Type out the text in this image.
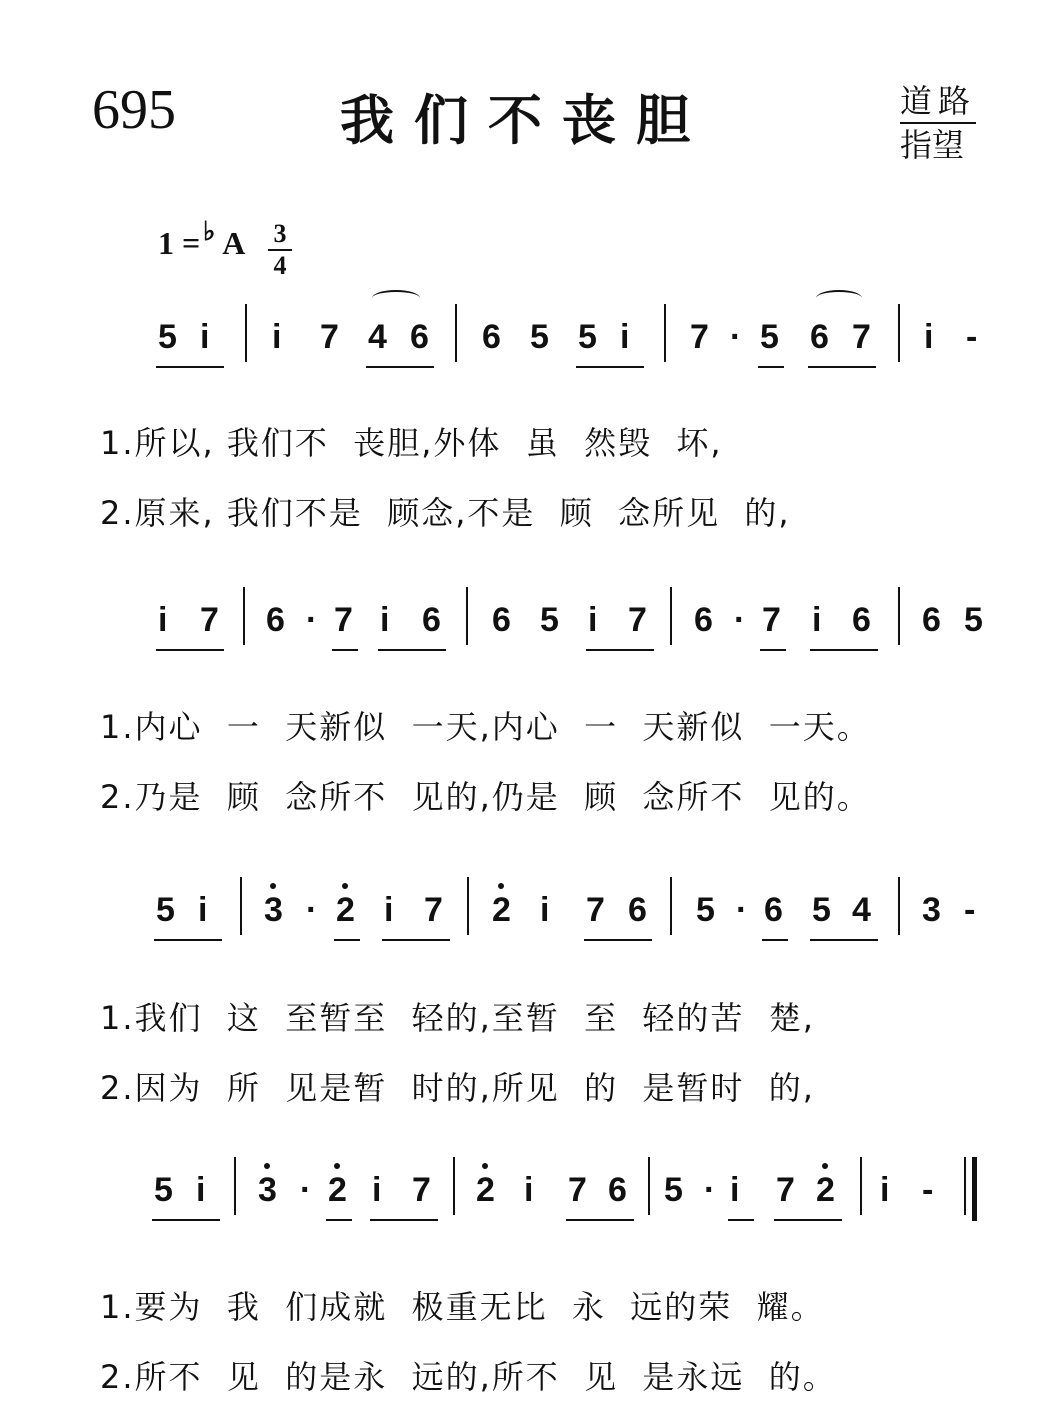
695	我们不丧胆	道路
指望
1 = ♭ A 3
4
5 i i 7 4 6 6 5 5 i 7 · 5 6 7 i -
1.所以, 我们不  丧胆,外体  虽  然毁  坏,
2.原来, 我们不是  顾念,不是  顾  念所见  的,
i 7 6 · 7 i 6 6 5 i 7 6 · 7 i 6 6 5
1.内心  一  天新似  一天,内心  一  天新似  一天。
2.乃是  顾  念所不  见的,仍是  顾  念所不  见的。
5 i 3 · 2 i 7 2 i 7 6 5 · 6 5 4 3 -
1.我们  这  至暂至  轻的,至暂  至  轻的苦  楚,
2.因为  所  见是暂  时的,所见  的  是暂时  的,
5 i 3 · 2 i 7 2 i 7 6 5 · i 7 2 i -
1.要为  我  们成就  极重无比  永  远的荣  耀。
2.所不  见  的是永  远的,所不  见  是永远  的。
